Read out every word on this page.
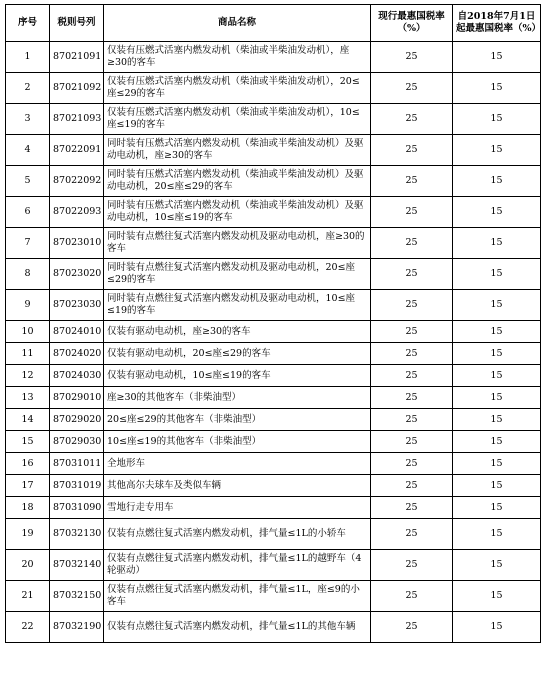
序号	税则号列	商品名称	现行最惠国税率（%）	自2018年7月1日起最惠国税率（%）
1	87021091	仅装有压燃式活塞内燃发动机（柴油或半柴油发动机），座≥30的客车	25	15
2	87021092	仅装有压燃式活塞内燃发动机（柴油或半柴油发动机），20≤座≤29的客车	25	15
3	87021093	仅装有压燃式活塞内燃发动机（柴油或半柴油发动机），10≤座≤19的客车	25	15
4	87022091	同时装有压燃式活塞内燃发动机（柴油或半柴油发动机）及驱动电动机，座≥30的客车	25	15
5	87022092	同时装有压燃式活塞内燃发动机（柴油或半柴油发动机）及驱动电动机，20≤座≤29的客车	25	15
6	87022093	同时装有压燃式活塞内燃发动机（柴油或半柴油发动机）及驱动电动机，10≤座≤19的客车	25	15
7	87023010	同时装有点燃往复式活塞内燃发动机及驱动电动机，座≥30的客车	25	15
8	87023020	同时装有点燃往复式活塞内燃发动机及驱动电动机，20≤座≤29的客车	25	15
9	87023030	同时装有点燃往复式活塞内燃发动机及驱动电动机，10≤座≤19的客车	25	15
10	87024010	仅装有驱动电动机，座≥30的客车	25	15
11	87024020	仅装有驱动电动机，20≤座≤29的客车	25	15
12	87024030	仅装有驱动电动机，10≤座≤19的客车	25	15
13	87029010	座≥30的其他客车（非柴油型）	25	15
14	87029020	20≤座≤29的其他客车（非柴油型）	25	15
15	87029030	10≤座≤19的其他客车（非柴油型）	25	15
16	87031011	全地形车	25	15
17	87031019	其他高尔夫球车及类似车辆	25	15
18	87031090	雪地行走专用车	25	15
19	87032130	仅装有点燃往复式活塞内燃发动机，排气量≤1L的小轿车	25	15
20	87032140	仅装有点燃往复式活塞内燃发动机，排气量≤1L的越野车（4轮驱动）	25	15
21	87032150	仅装有点燃往复式活塞内燃发动机，排气量≤1L，座≤9的小客车	25	15
22	87032190	仅装有点燃往复式活塞内燃发动机，排气量≤1L的其他车辆	25	15
